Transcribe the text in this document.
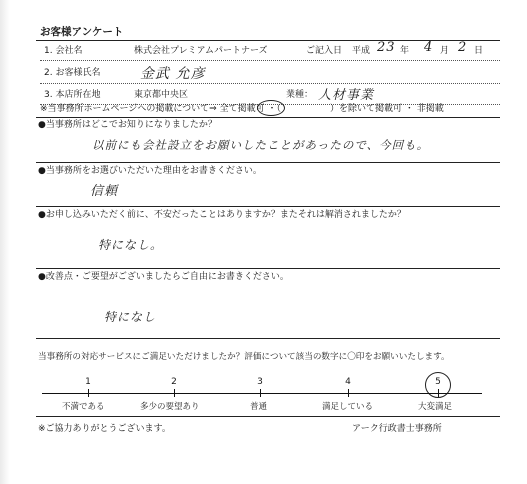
お客様アンケート
1. 会社名	株式会社プレミアムパートナーズ	ご記入日 平成 23 年 4 月 2 日
2. お客様氏名	金武 允彦
3. 本店所在地	東京都中央区	業種： 人材事業
※当事務所ホームページへの掲載について⇒ 全て掲載可 ・（	）を除いて掲載可 ・ 非掲載
●当事務所はどこでお知りになりましたか？
以前にも会社設立をお願いしたことがあったので、今回も。
●当事務所をお選びいただいた理由をお書きください。
信頼
●お申し込みいただく前に、不安だったことはありますか？またそれは解消されましたか？
特になし。
●改善点・ご要望がございましたらご自由にお書きください。
特になし
当事務所の対応サービスにご満足いただけましたか？評価について該当の数字に〇印をお願いいたします。
1	2	3	4	5
不満である	多少の要望あり	普通	満足している	大変満足
※ご協力ありがとうございます。	アーク行政書士事務所
